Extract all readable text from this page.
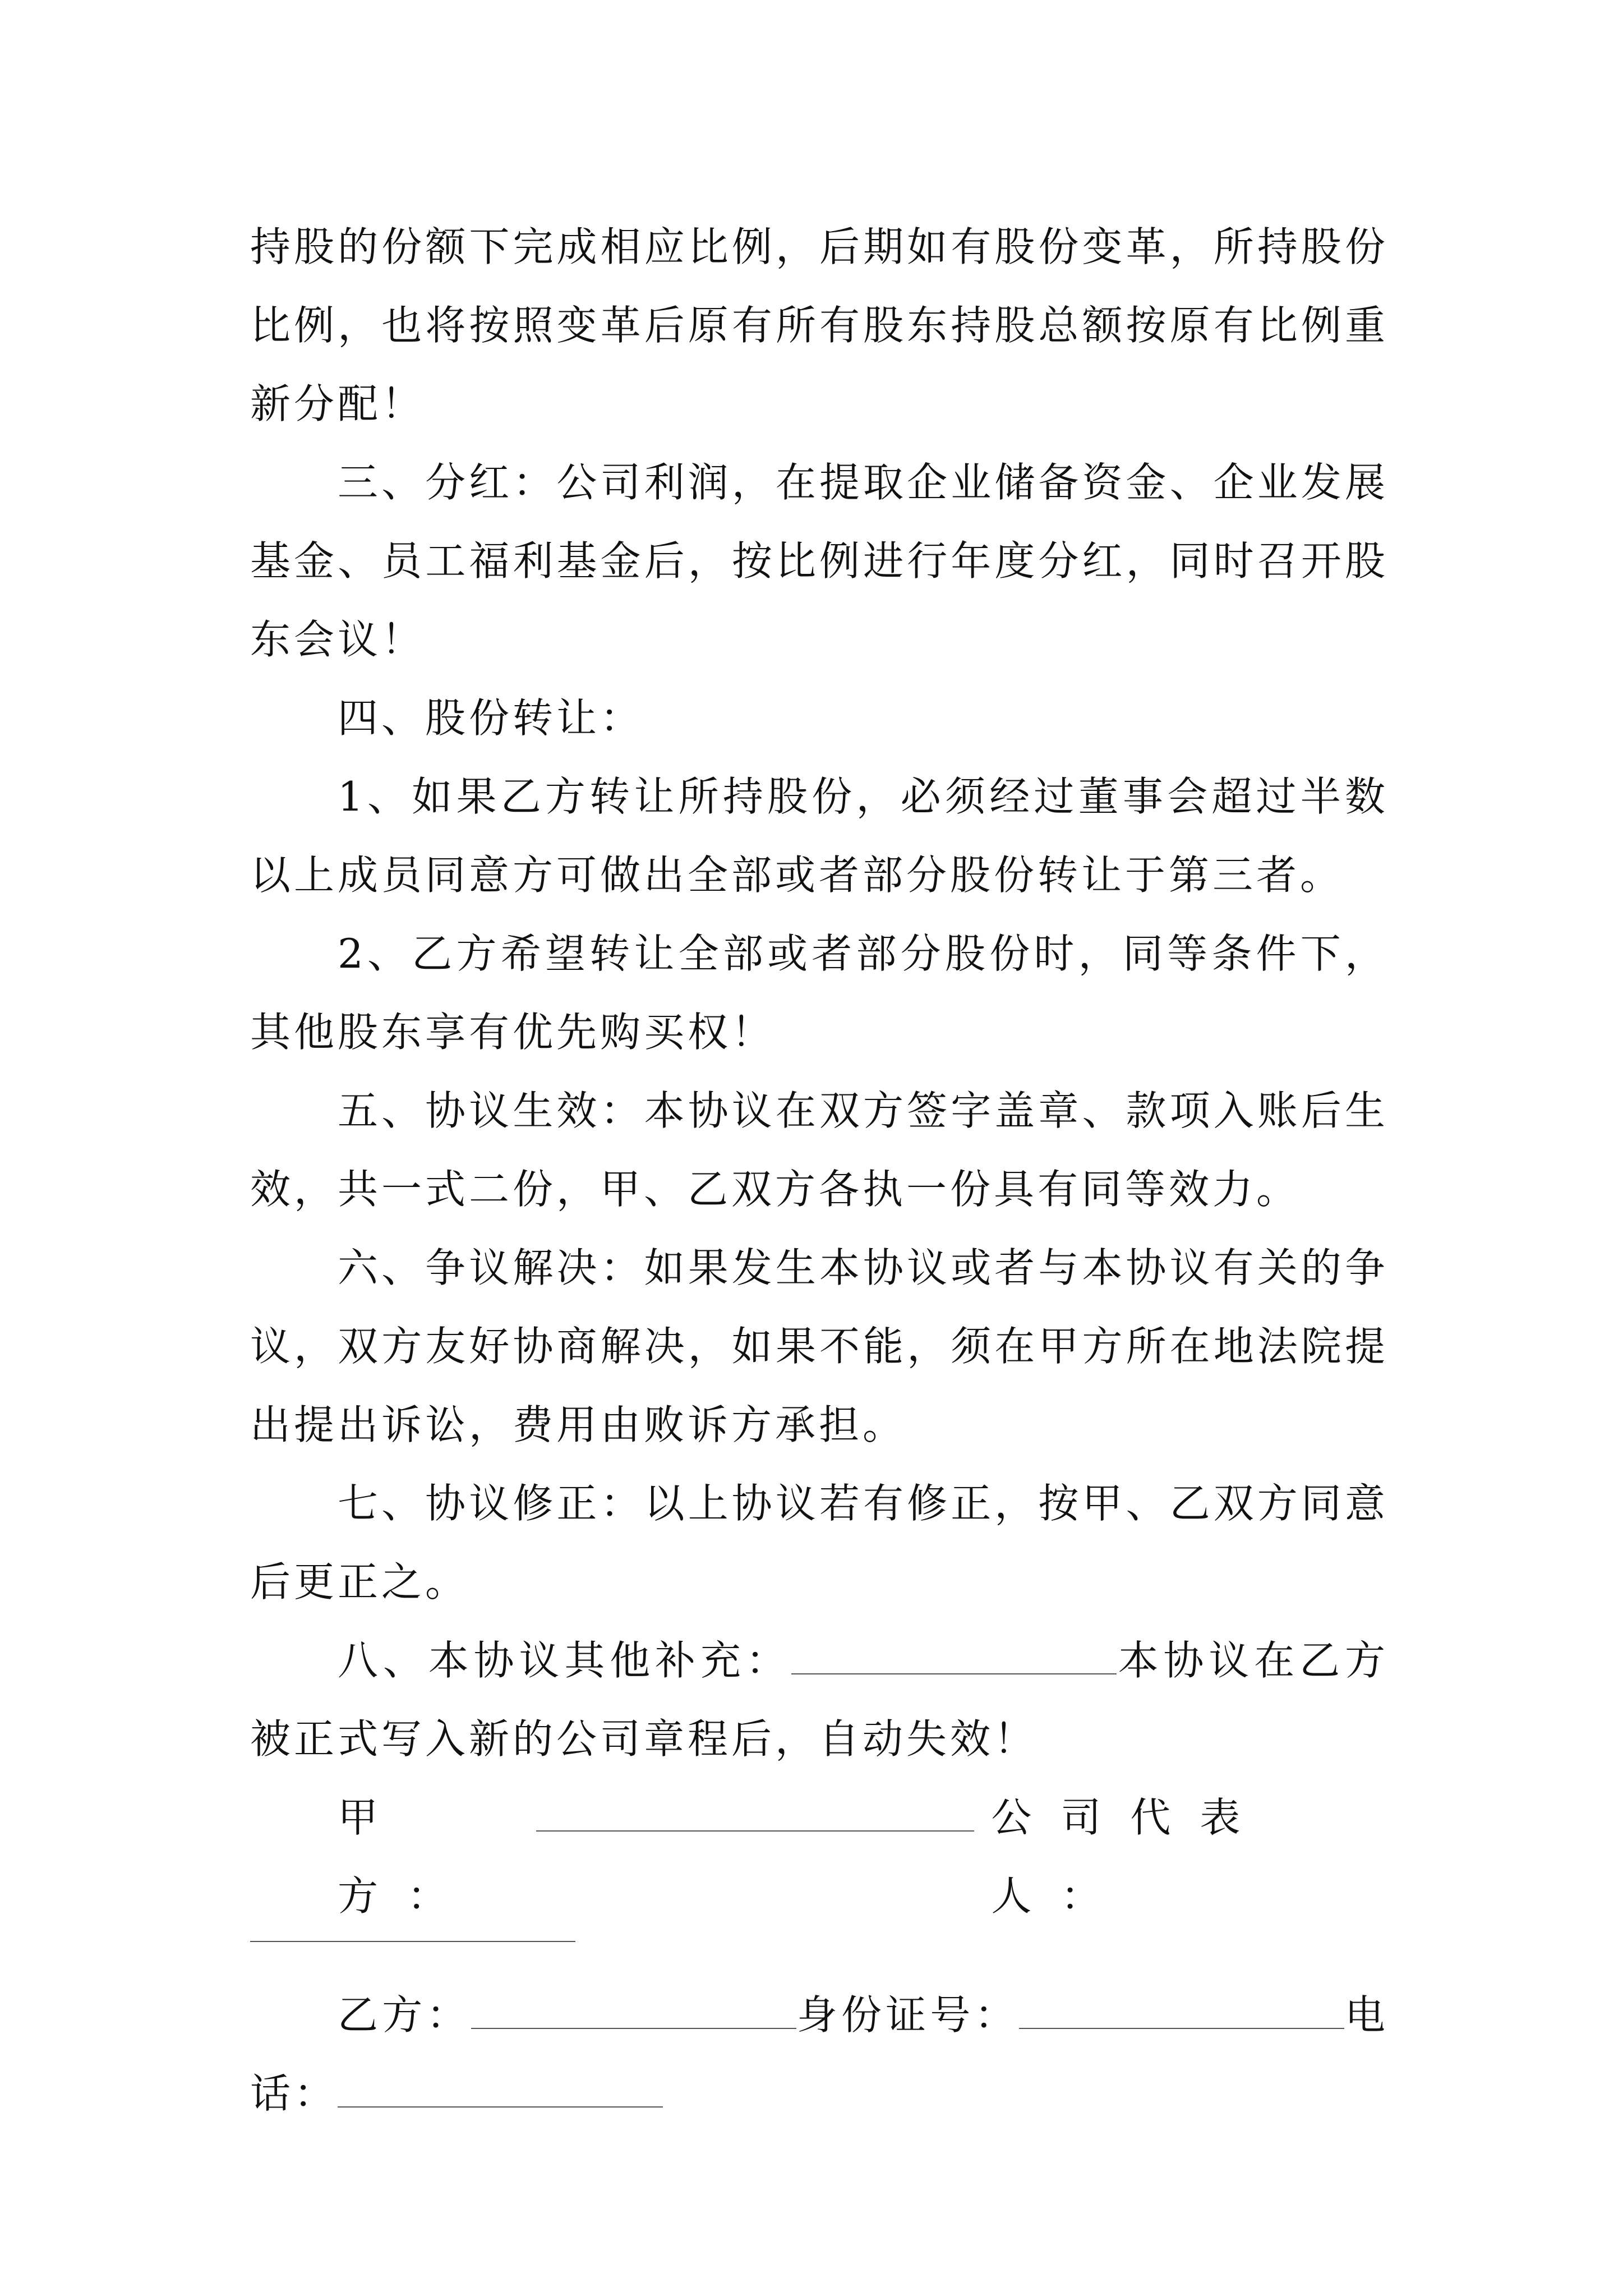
持股的份额下完成相应比例，后期如有股份变革，所持股份比例，也将按照变革后原有所有股东持股总额按原有比例重新分配！

三、分红：公司利润，在提取企业储备资金、企业发展基金、员工福利基金后，按比例进行年度分红，同时召开股东会议！

四、股份转让：

1、如果乙方转让所持股份，必须经过董事会超过半数以上成员同意方可做出全部或者部分股份转让于第三者。

2、乙方希望转让全部或者部分股份时，同等条件下，其他股东享有优先购买权！

五、协议生效：本协议在双方签字盖章、款项入账后生效，共一式二份，甲、乙双方各执一份具有同等效力。

六、争议解决：如果发生本协议或者与本协议有关的争议，双方友好协商解决，如果不能，须在甲方所在地法院提出提出诉讼，费用由败诉方承担。

七、协议修正：以上协议若有修正，按甲、乙双方同意后更正之。

八、本协议其他补充：	本协议在乙方被正式写入新的公司章程后，自动失效！

甲方：
公司代表人：

乙方：	身份证号：	电

话：
